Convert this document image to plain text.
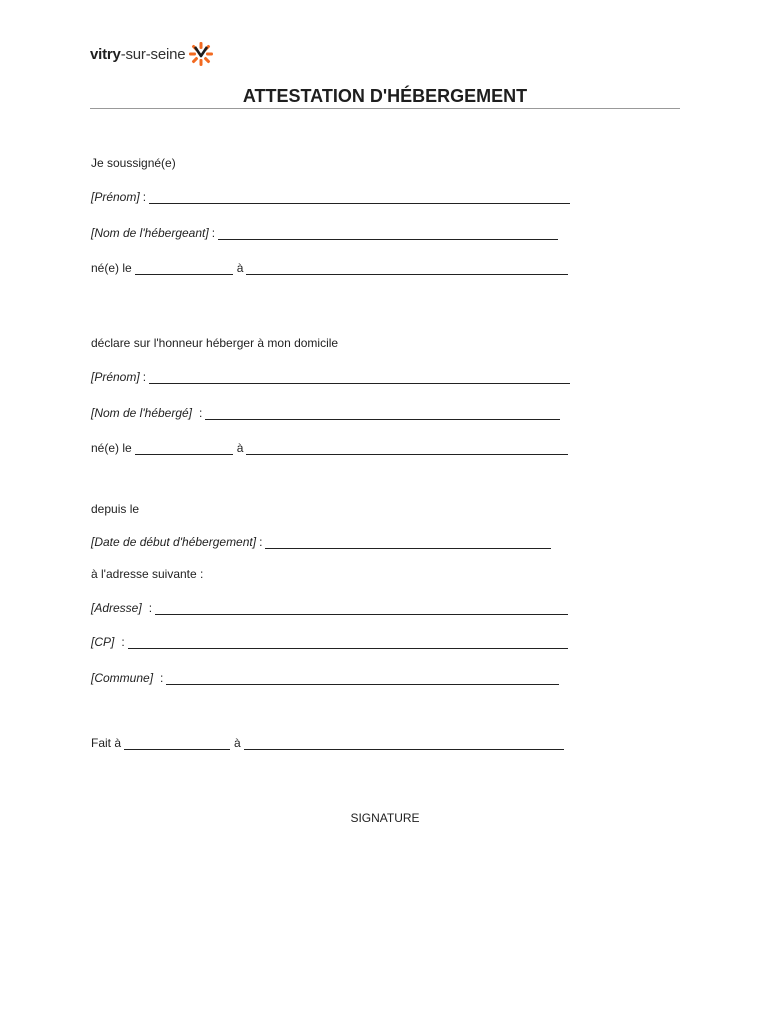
vitry-sur-seine
ATTESTATION D'HÉBERGEMENT
Je soussigné(e)
[Prénom] :
[Nom de l'hébergeant] :
né(e) le	à
déclare sur l'honneur héberger à mon domicile
[Prénom] :
[Nom de l'hébergé] :
né(e) le	à
depuis le
[Date de début d'hébergement] :
à l'adresse suivante :
[Adresse] :
[CP] :
[Commune] :
Fait à	à
SIGNATURE
